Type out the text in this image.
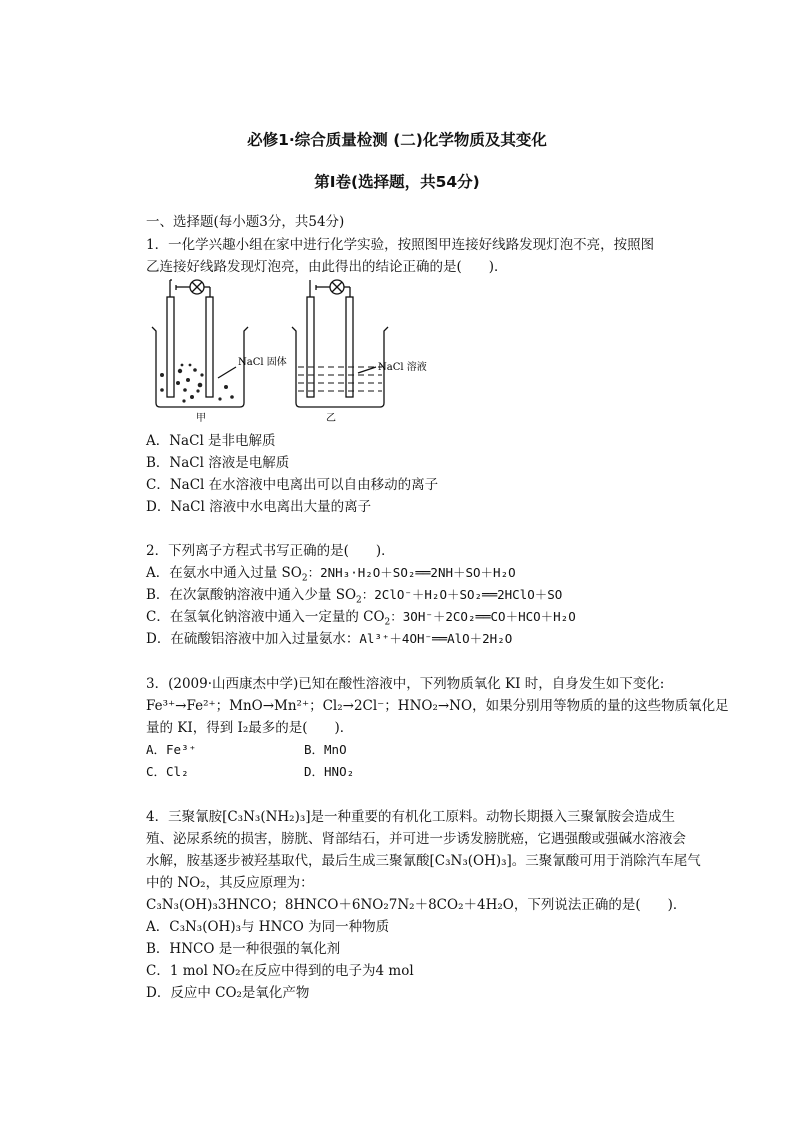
必修1·综合质量检测 (二)化学物质及其变化
第Ⅰ卷(选择题，共54分)
一、选择题(每小题3分，共54分)
1．一化学兴趣小组在家中进行化学实验，按照图甲连接好线路发现灯泡不亮，按照图
乙连接好线路发现灯泡亮，由此得出的结论正确的是(　　)．
NaCl 固体
甲
NaCl 溶液
乙
A．NaCl 是非电解质
B．NaCl 溶液是电解质
C．NaCl 在水溶液中电离出可以自由移动的离子
D．NaCl 溶液中水电离出大量的离子
2．下列离子方程式书写正确的是(　　)．
A．在氨水中通入过量 $SO_2$：2NH₃·H₂O＋SO₂══2NH＋SO＋H₂O
B．在次氯酸钠溶液中通入少量 $SO_2$：2ClO⁻＋H₂O＋SO₂══2HClO＋SO
C．在氢氧化钠溶液中通入一定量的 $CO_2$：3OH⁻＋2CO₂══CO＋HCO＋H₂O
D．在硫酸铝溶液中加入过量氨水：Al³⁺＋4OH⁻══AlO＋2H₂O
3．(2009·山西康杰中学)已知在酸性溶液中，下列物质氧化 KI 时，自身发生如下变化:
Fe³⁺→Fe²⁺；MnO→Mn²⁺；Cl₂→2Cl⁻；HNO₂→NO，如果分别用等物质的量的这些物质氧化足
量的 KI，得到 I₂最多的是(　　)．
A．Fe³⁺	B．MnO
C．Cl₂	D．HNO₂
4．三聚氰胺[C₃N₃(NH₂)₃]是一种重要的有机化工原料。动物长期摄入三聚氰胺会造成生
殖、泌尿系统的损害，膀胱、肾部结石，并可进一步诱发膀胱癌，它遇强酸或强碱水溶液会
水解，胺基逐步被羟基取代，最后生成三聚氰酸[C₃N₃(OH)₃]。三聚氰酸可用于消除汽车尾气
中的 NO₂，其反应原理为：
C₃N₃(OH)₃3HNCO；8HNCO＋6NO₂7N₂＋8CO₂＋4H₂O，下列说法正确的是(　　)．
A．C₃N₃(OH)₃与 HNCO 为同一种物质
B．HNCO 是一种很强的氧化剂
C．1 mol NO₂在反应中得到的电子为4 mol
D．反应中 CO₂是氧化产物
